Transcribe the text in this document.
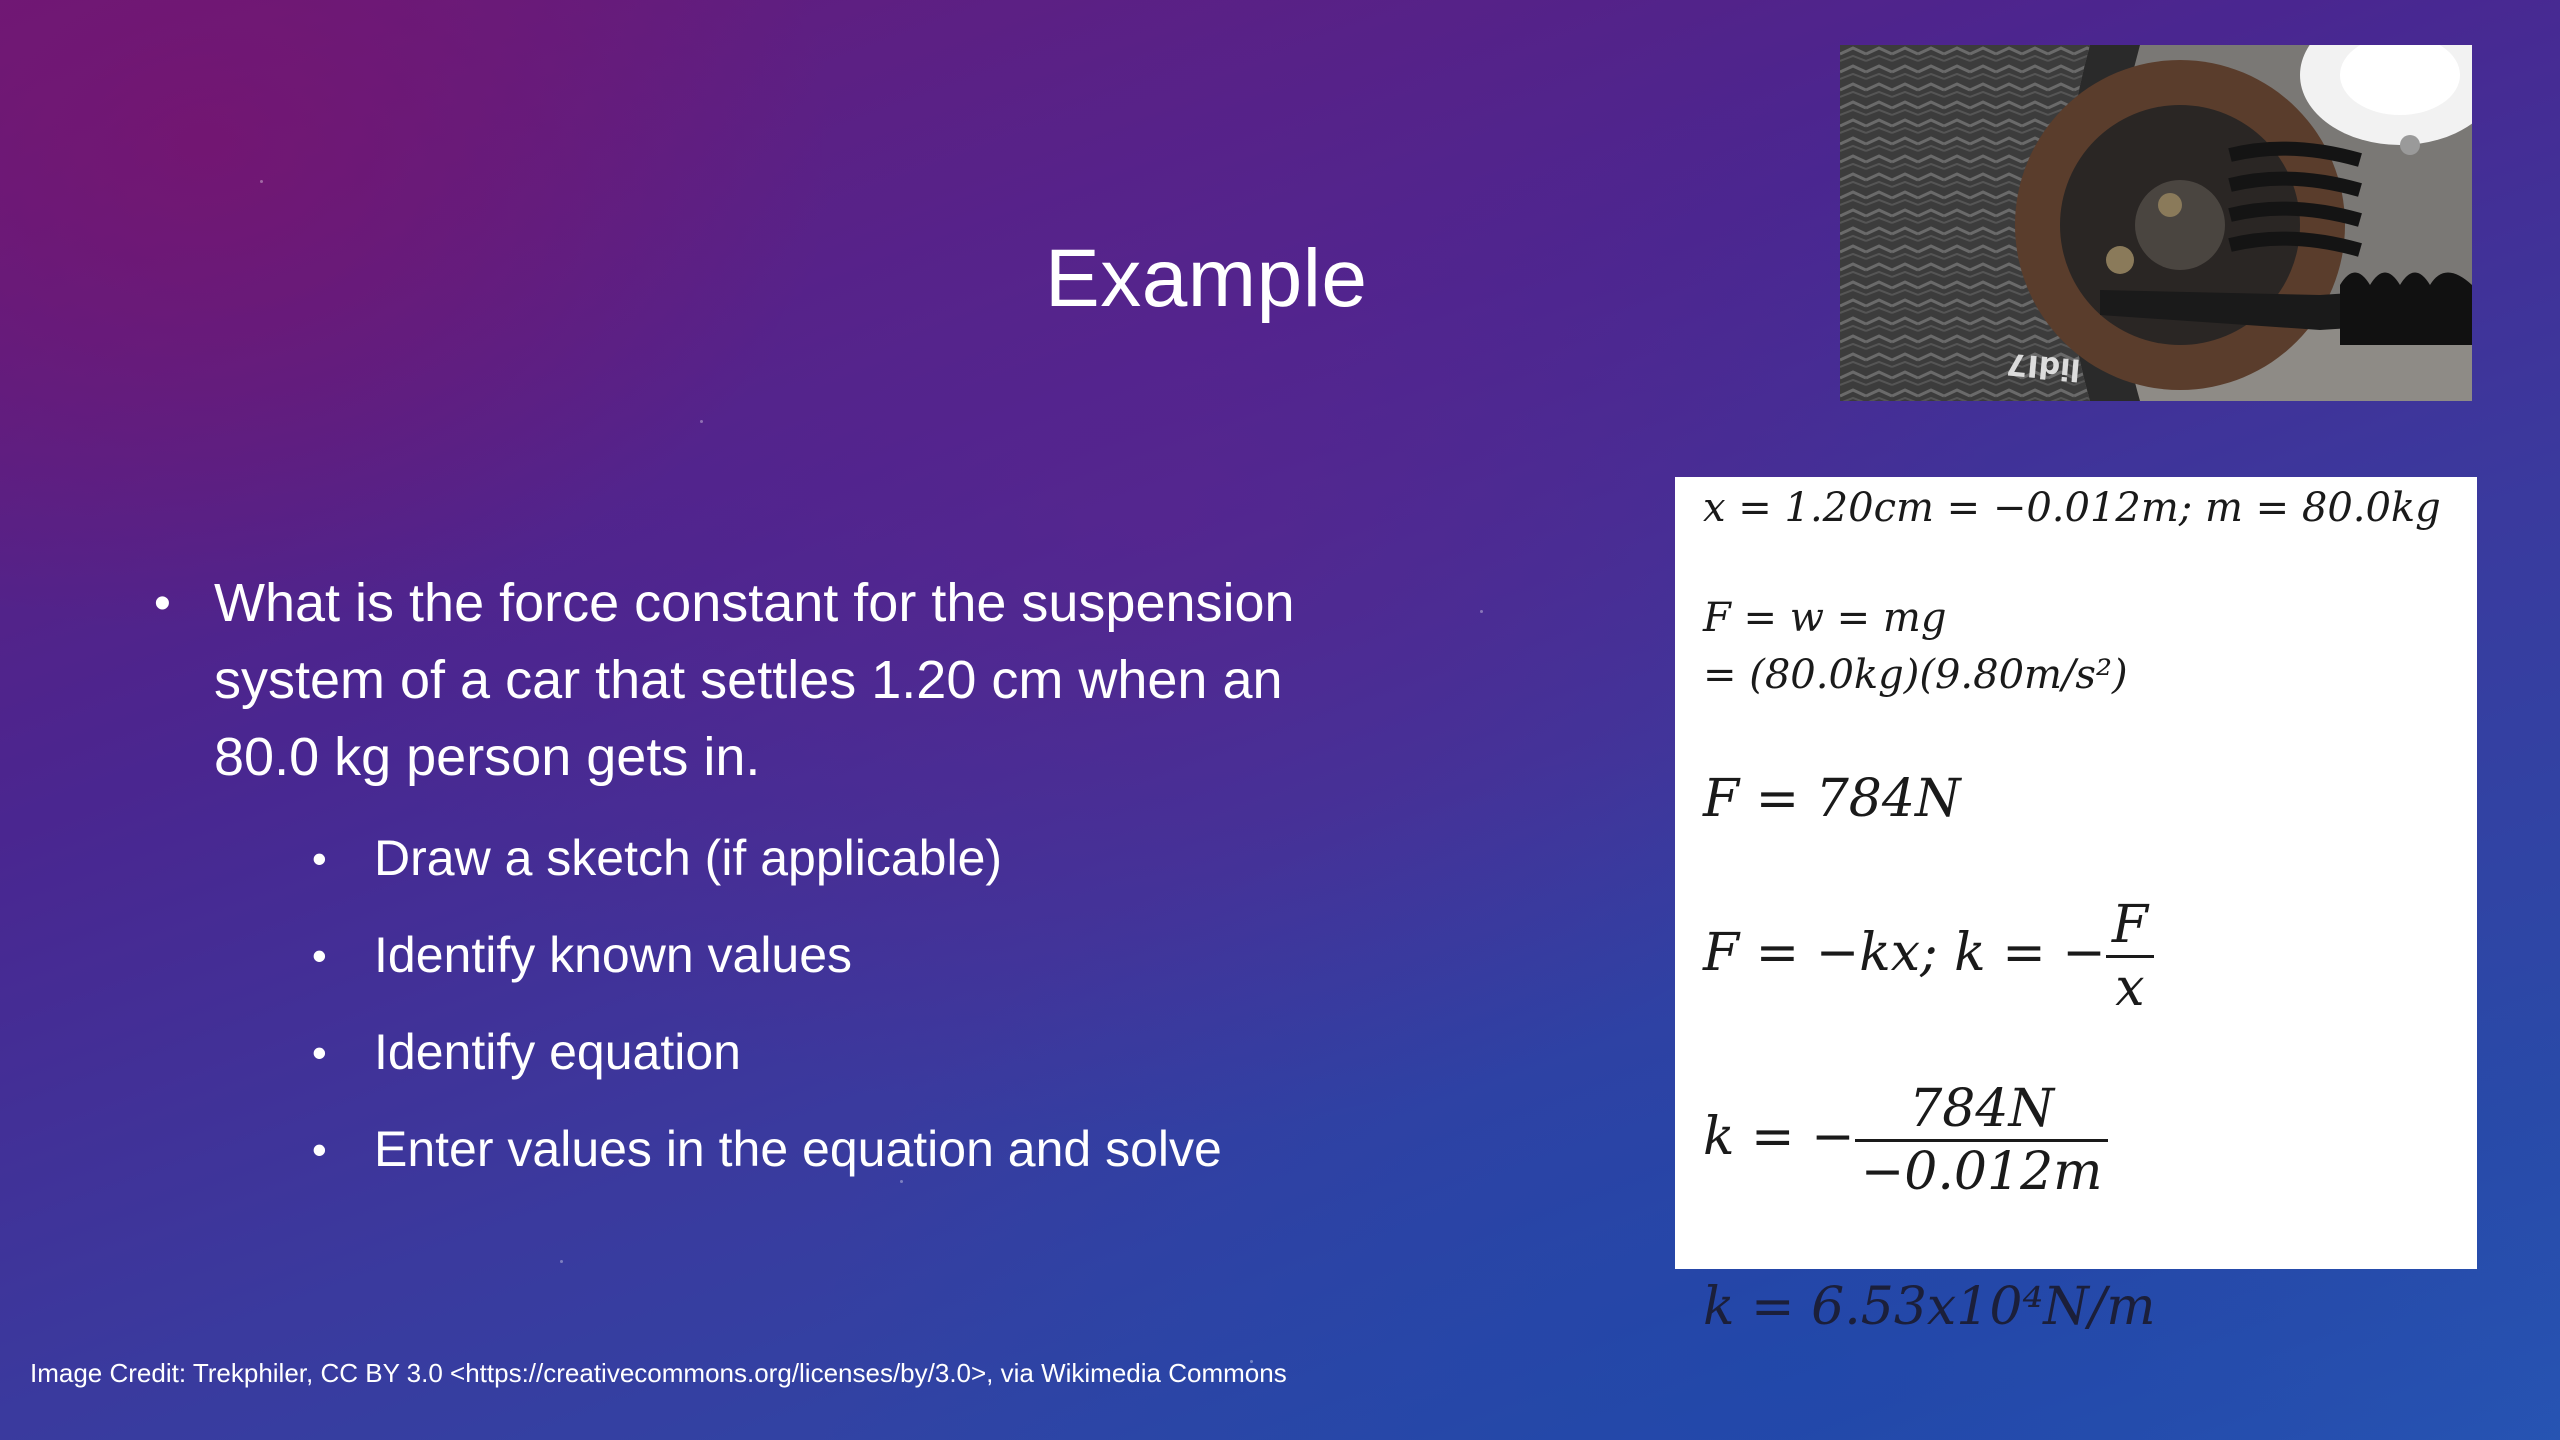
Example
lidI7
• What is the force constant for the suspension system of a car that settles 1.20 cm when an 80.0 kg person gets in.
• Draw a sketch (if applicable)
• Identify known values
• Identify equation
• Enter values in the equation and solve
x = 1.20cm = −0.012m; m = 80.0kg
F = w = mg
= (80.0kg)(9.80m/s²)
F = 784N
F = −kx; k = − $\frac{F}{x}$
k = − $\frac{784N}{-0.012m}$
k = 6.53x10⁴N/m
Image Credit: Trekphiler, CC BY 3.0 <https://creativecommons.org/licenses/by/3.0>, via Wikimedia Commons
